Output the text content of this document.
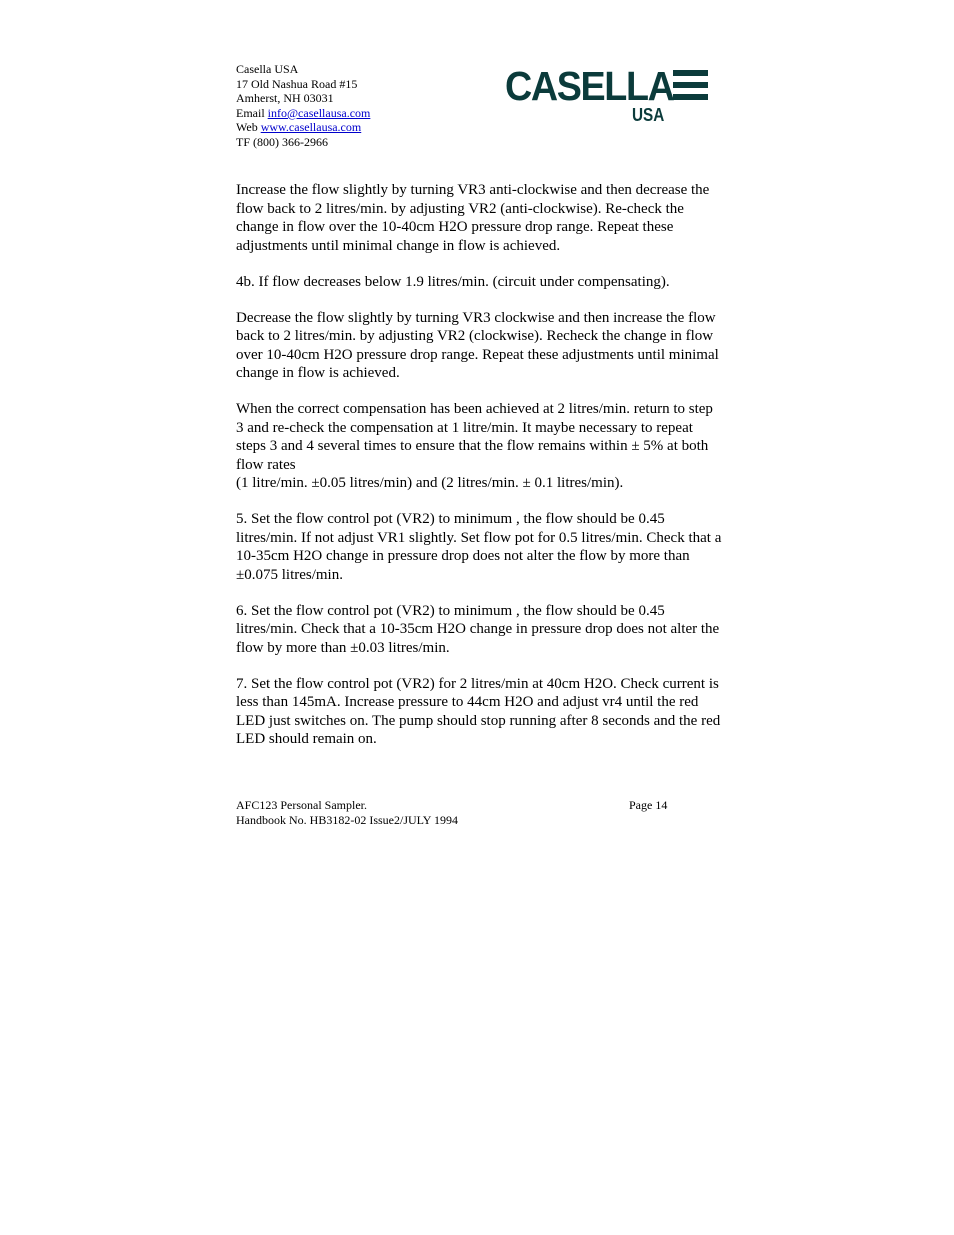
Casella USA
17 Old Nashua Road #15
Amherst, NH 03031
Email info@casellausa.com
Web www.casellausa.com
TF (800) 366-2966
CASELLA
USA

Increase the flow slightly by turning VR3 anti-clockwise and then decrease the flow back to 2 litres/min. by adjusting VR2 (anti-clockwise). Re-check the change in flow over the 10-40cm H2O pressure drop range. Repeat these adjustments until minimal change in flow is achieved.

4b. If flow decreases below 1.9 litres/min. (circuit under compensating).

Decrease the flow slightly by turning VR3 clockwise and then increase the flow back to 2 litres/min. by adjusting VR2 (clockwise). Recheck the change in flow over 10-40cm H2O pressure drop range. Repeat these adjustments until minimal change in flow is achieved.

When the correct compensation has been achieved at 2 litres/min. return to step 3 and re-check the compensation at 1 litre/min. It maybe necessary to repeat steps 3 and 4 several times to ensure that the flow remains within ± 5% at both flow rates

(1 litre/min. ±0.05 litres/min) and (2 litres/min. ± 0.1 litres/min).

5. Set the flow control pot (VR2) to minimum , the flow should be 0.45 litres/min. If not adjust VR1 slightly. Set flow pot for 0.5 litres/min. Check that a 10-35cm H2O change in pressure drop does not alter the flow by more than ±0.075 litres/min.

6. Set the flow control pot (VR2) to minimum , the flow should be 0.45 litres/min. Check that a 10-35cm H2O change in pressure drop does not alter the flow by more than ±0.03 litres/min.

7. Set the flow control pot (VR2) for 2 litres/min at 40cm H2O. Check current is less than 145mA. Increase pressure to 44cm H2O and adjust vr4 until the red LED just switches on. The pump should stop running after 8 seconds and the red LED should remain on.

AFC123 Personal Sampler.
Handbook No. HB3182-02 Issue2/JULY 1994
Page 14
